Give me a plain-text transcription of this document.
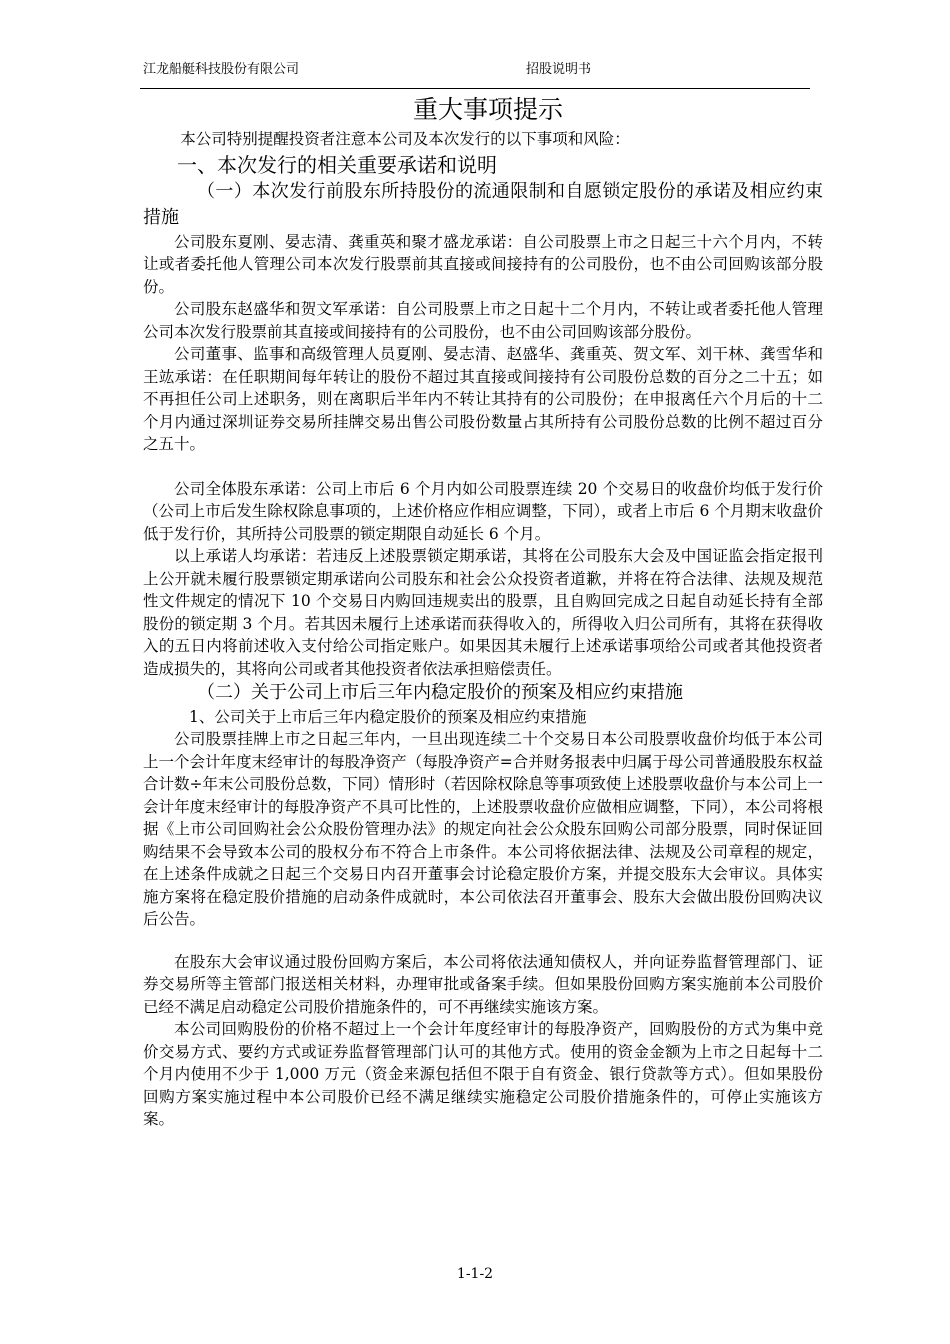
江龙船艇科技股份有限公司	招股说明书
重大事项提示

本公司特别提醒投资者注意本公司及本次发行的以下事项和风险：

一、本次发行的相关重要承诺和说明

（一）本次发行前股东所持股份的流通限制和自愿锁定股份的承诺及相应约束措施

公司股东夏刚、晏志清、龚重英和聚才盛龙承诺：自公司股票上市之日起三十六个月内，不转让或者委托他人管理公司本次发行股票前其直接或间接持有的公司股份，也不由公司回购该部分股份。

公司股东赵盛华和贺文军承诺：自公司股票上市之日起十二个月内，不转让或者委托他人管理公司本次发行股票前其直接或间接持有的公司股份，也不由公司回购该部分股份。

公司董事、监事和高级管理人员夏刚、晏志清、赵盛华、龚重英、贺文军、刘干林、龚雪华和王竑承诺：在任职期间每年转让的股份不超过其直接或间接持有公司股份总数的百分之二十五；如不再担任公司上述职务，则在离职后半年内不转让其持有的公司股份；在申报离任六个月后的十二个月内通过深圳证券交易所挂牌交易出售公司股份数量占其所持有公司股份总数的比例不超过百分之五十。

公司全体股东承诺：公司上市后 6 个月内如公司股票连续 20 个交易日的收盘价均低于发行价（公司上市后发生除权除息事项的，上述价格应作相应调整，下同），或者上市后 6 个月期末收盘价低于发行价，其所持公司股票的锁定期限自动延长 6 个月。

以上承诺人均承诺：若违反上述股票锁定期承诺，其将在公司股东大会及中国证监会指定报刊上公开就未履行股票锁定期承诺向公司股东和社会公众投资者道歉，并将在符合法律、法规及规范性文件规定的情况下 10 个交易日内购回违规卖出的股票，且自购回完成之日起自动延长持有全部股份的锁定期 3 个月。若其因未履行上述承诺而获得收入的，所得收入归公司所有，其将在获得收入的五日内将前述收入支付给公司指定账户。如果因其未履行上述承诺事项给公司或者其他投资者造成损失的，其将向公司或者其他投资者依法承担赔偿责任。

（二）关于公司上市后三年内稳定股价的预案及相应约束措施

1、公司关于上市后三年内稳定股价的预案及相应约束措施

公司股票挂牌上市之日起三年内，一旦出现连续二十个交易日本公司股票收盘价均低于本公司上一个会计年度末经审计的每股净资产（每股净资产=合并财务报表中归属于母公司普通股股东权益合计数÷年末公司股份总数，下同）情形时（若因除权除息等事项致使上述股票收盘价与本公司上一会计年度末经审计的每股净资产不具可比性的，上述股票收盘价应做相应调整，下同），本公司将根据《上市公司回购社会公众股份管理办法》的规定向社会公众股东回购公司部分股票，同时保证回购结果不会导致本公司的股权分布不符合上市条件。本公司将依据法律、法规及公司章程的规定，在上述条件成就之日起三个交易日内召开董事会讨论稳定股价方案，并提交股东大会审议。具体实施方案将在稳定股价措施的启动条件成就时，本公司依法召开董事会、股东大会做出股份回购决议后公告。

在股东大会审议通过股份回购方案后，本公司将依法通知债权人，并向证券监督管理部门、证券交易所等主管部门报送相关材料，办理审批或备案手续。但如果股份回购方案实施前本公司股价已经不满足启动稳定公司股价措施条件的，可不再继续实施该方案。

本公司回购股份的价格不超过上一个会计年度经审计的每股净资产，回购股份的方式为集中竞价交易方式、要约方式或证券监督管理部门认可的其他方式。使用的资金金额为上市之日起每十二个月内使用不少于 1,000 万元（资金来源包括但不限于自有资金、银行贷款等方式）。但如果股份回购方案实施过程中本公司股价已经不满足继续实施稳定公司股价措施条件的，可停止实施该方案。

1-1-2
